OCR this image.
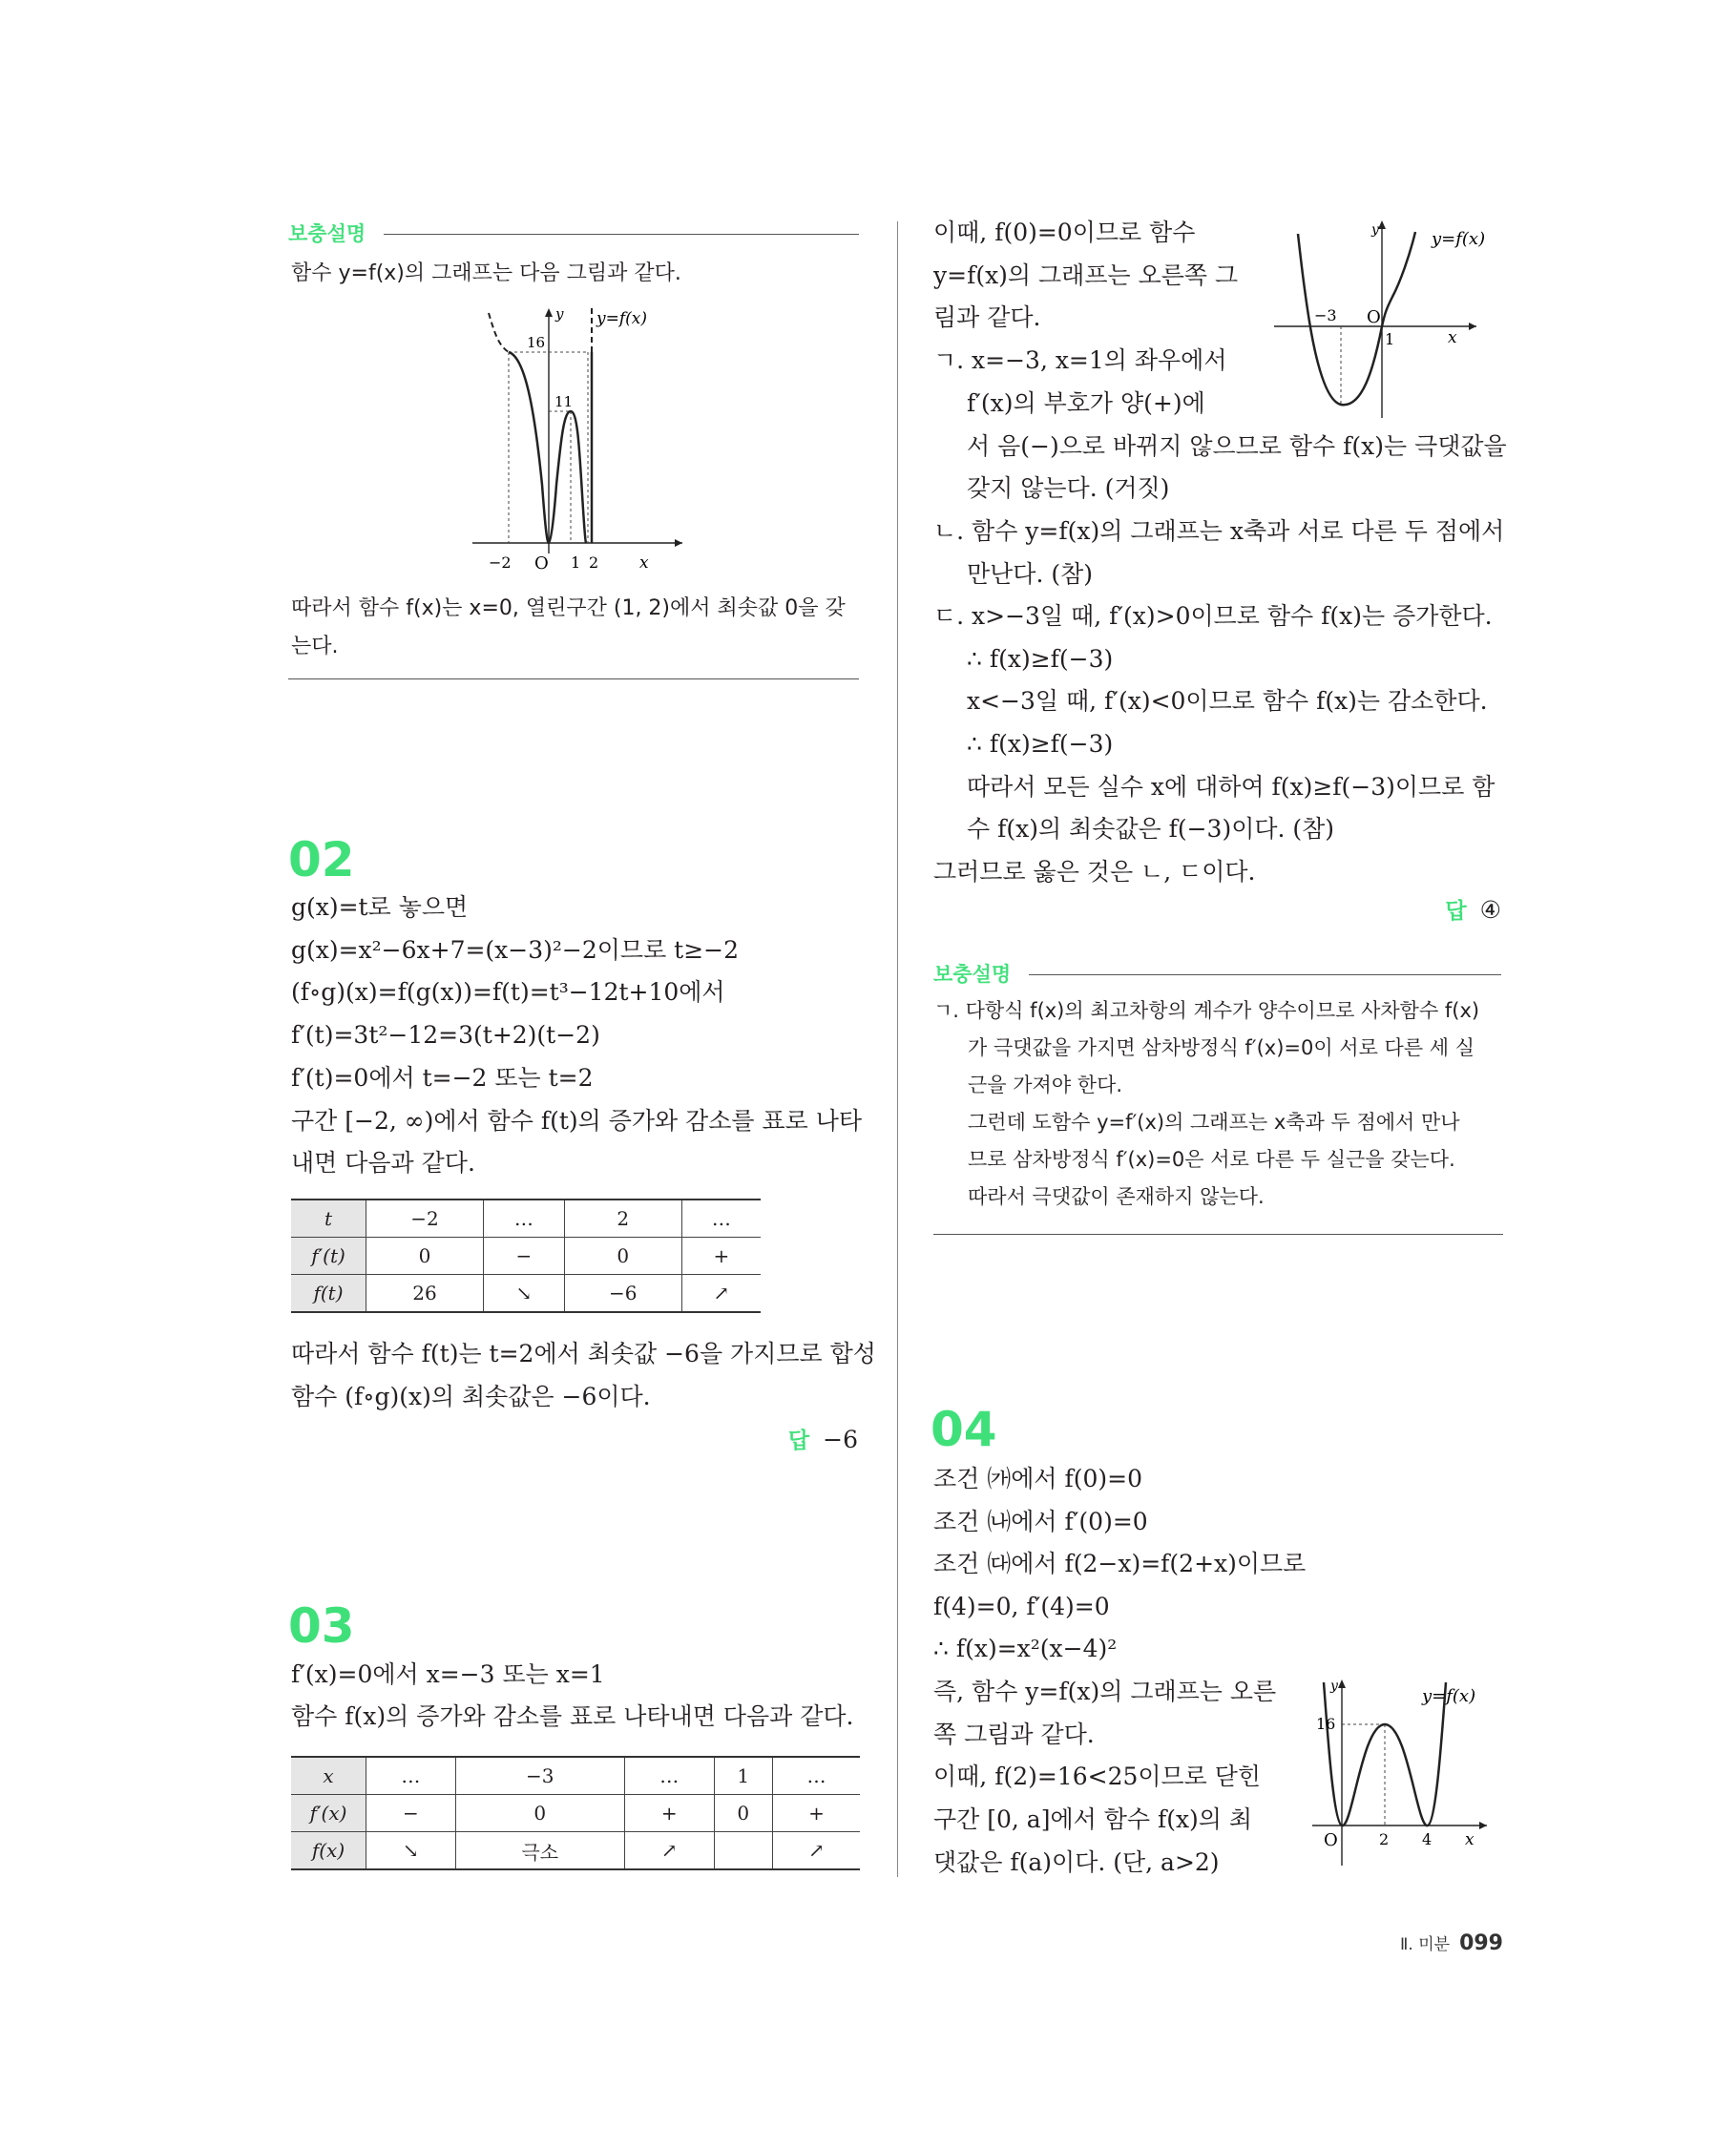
보충설명
함수 y=f(x)의 그래프는 다음 그림과 같다.
y y=f(x)
16
11
−2 O 1 2	x
따라서 함수 f(x)는 x=0, 열린구간 (1, 2)에서 최솟값 0을 갖
는다.
02
g(x)=t로 놓으면
g(x)=x²−6x+7=(x−3)²−2이므로 t≥−2
(f∘g)(x)=f(g(x))=f(t)=t³−12t+10에서
f′(t)=3t²−12=3(t+2)(t−2)
f′(t)=0에서 t=−2 또는 t=2
구간 [−2, ∞)에서 함수 f(t)의 증가와 감소를 표로 나타
내면 다음과 같다.
t	−2	…	2	…
f′(t)	0	−	0	+
f(t)	26	↘	−6	↗
따라서 함수 f(t)는 t=2에서 최솟값 −6을 가지므로 합성
함수 (f∘g)(x)의 최솟값은 −6이다.
답 −6
03
f′(x)=0에서 x=−3 또는 x=1
함수 f(x)의 증가와 감소를 표로 나타내면 다음과 같다.
x	…	−3	…	1	…
f′(x)	−	0	+	0	+
f(x)	↘	극소	↗		↗
이때, f(0)=0이므로 함수
y=f(x)의 그래프는 오른쪽 그
림과 같다.
ㄱ. x=−3, x=1의 좌우에서
f′(x)의 부호가 양(+)에
서 음(−)으로 바뀌지 않으므로 함수 f(x)는 극댓값을
갖지 않는다. (거짓)
ㄴ. 함수 y=f(x)의 그래프는 x축과 서로 다른 두 점에서
만난다. (참)
ㄷ. x>−3일 때, f′(x)>0이므로 함수 f(x)는 증가한다.
∴ f(x)≥f(−3)
x<−3일 때, f′(x)<0이므로 함수 f(x)는 감소한다.
∴ f(x)≥f(−3)
따라서 모든 실수 x에 대하여 f(x)≥f(−3)이므로 함
수 f(x)의 최솟값은 f(−3)이다. (참)
그러므로 옳은 것은 ㄴ, ㄷ이다.
y	y=f(x)
−3 O
1	x
답 ④
보충설명
ㄱ. 다항식 f(x)의 최고차항의 계수가 양수이므로 사차함수 f(x)
가 극댓값을 가지면 삼차방정식 f′(x)=0이 서로 다른 세 실
근을 가져야 한다.
그런데 도함수 y=f′(x)의 그래프는 x축과 두 점에서 만나
므로 삼차방정식 f′(x)=0은 서로 다른 두 실근을 갖는다.
따라서 극댓값이 존재하지 않는다.
04
조건 ㈎에서 f(0)=0
조건 ㈏에서 f′(0)=0
조건 ㈐에서 f(2−x)=f(2+x)이므로
f(4)=0, f′(4)=0
∴ f(x)=x²(x−4)²
즉, 함수 y=f(x)의 그래프는 오른
쪽 그림과 같다.
이때, f(2)=16<25이므로 닫힌
구간 [0, a]에서 함수 f(x)의 최
댓값은 f(a)이다. (단, a>2)
y	y=f(x)
16
O	2 4 x
Ⅱ. 미분 099
